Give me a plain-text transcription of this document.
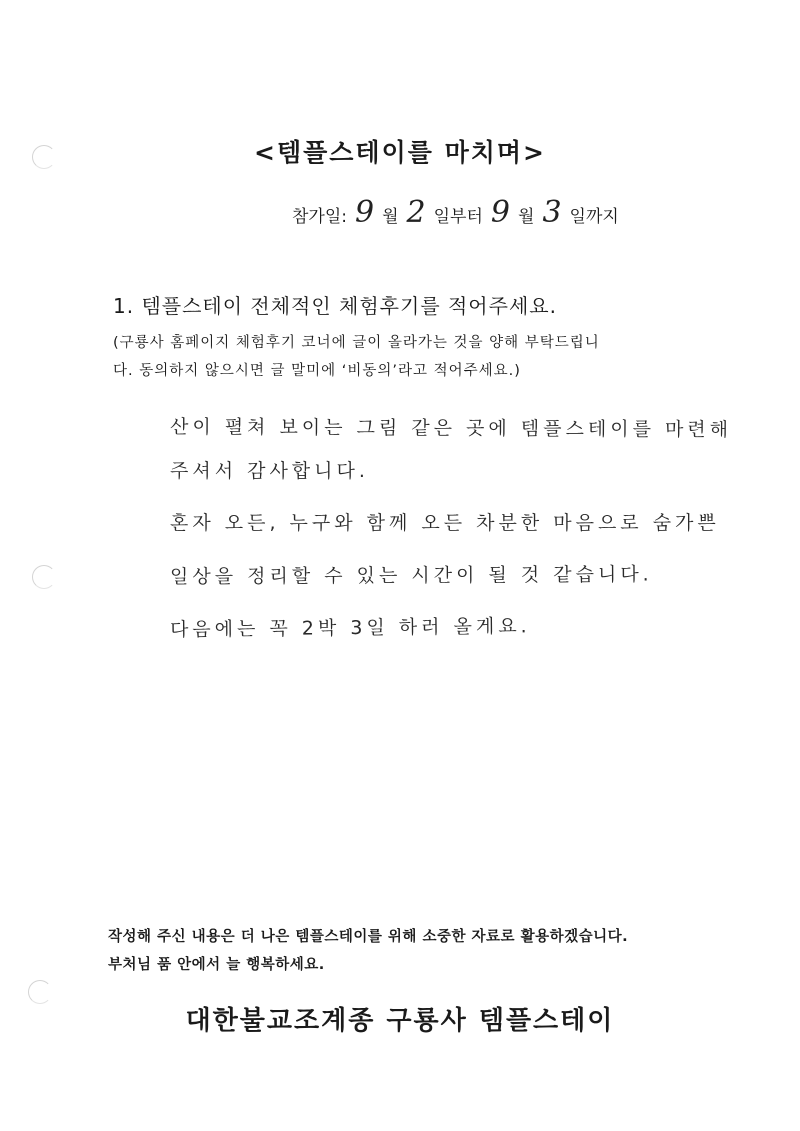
<템플스테이를 마치며>
참가일: 9 월 2 일부터 9 월 3 일까지
1. 템플스테이 전체적인 체험후기를 적어주세요.
(구룡사 홈페이지 체험후기 코너에 글이 올라가는 것을 양해 부탁드립니
다. 동의하지 않으시면 글 말미에 ‘비동의’라고 적어주세요.)
산이 펼쳐 보이는 그림 같은 곳에 템플스테이를 마련해
주셔서 감사합니다.
혼자 오든, 누구와 함께 오든 차분한 마음으로 숨가쁜
일상을 정리할 수 있는 시간이 될 것 같습니다.
다음에는 꼭 2박 3일 하러 올게요.
작성해 주신 내용은 더 나은 템플스테이를 위해 소중한 자료로 활용하겠습니다.
부처님 품 안에서 늘 행복하세요.
대한불교조계종 구룡사 템플스테이
